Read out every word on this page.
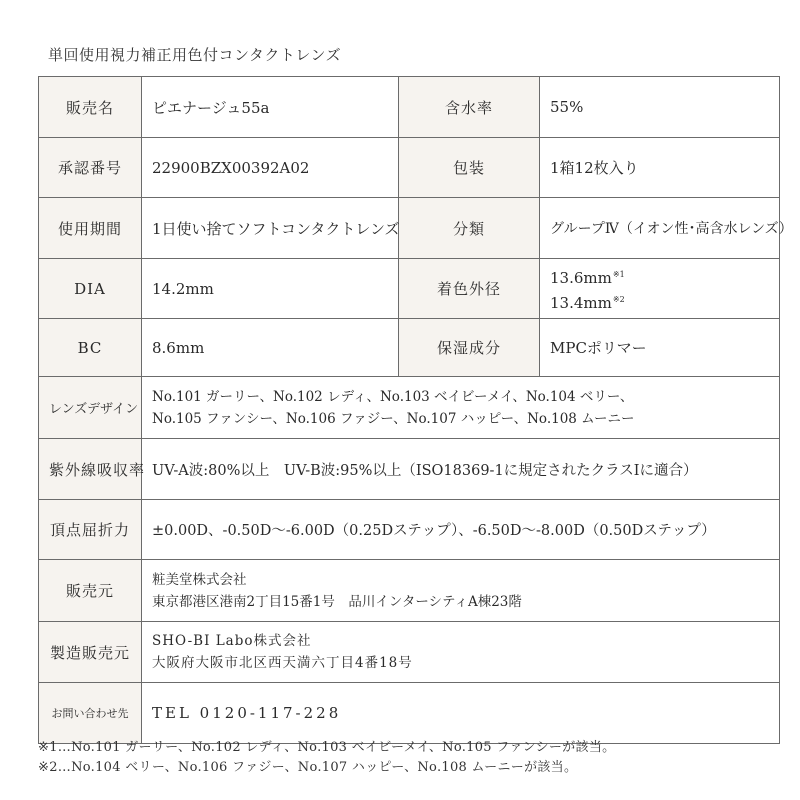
単回使用視力補正用色付コンタクトレンズ
販売名	ピエナージュ55a	含水率	55%
承認番号	22900BZX00392A02	包装	1箱12枚入り
使用期間	1日使い捨てソフトコンタクトレンズ	分類	グループⅣ（イオン性･高含水レンズ）
DIA	14.2mm	着色外径	$13.6mm^{※1}$
$13.4mm^{※2}$

BC	8.6mm	保湿成分	MPCポリマー
レンズデザイン	No.101 ガーリー、No.102 レディ、No.103 ベイビーメイ、No.104 ベリー、
No.105 ファンシー、No.106 ファジー、No.107 ハッピー、No.108 ムーニー		

紫外線吸収率	UV-A波:80%以上　UV-B波:95%以上（ISO18369-1に規定されたクラスⅠに適合）		
頂点屈折力	±0.00D、-0.50D〜-6.00D（0.25Dステップ）、-6.50D〜-8.00D（0.50Dステップ）		
販売元	粧美堂株式会社
東京都港区港南2丁目15番1号　品川インターシティA棟23階		

製造販売元	SHO-BI Labo株式会社
大阪府大阪市北区西天満六丁目4番18号		

お問い合わせ先	TEL 0120-117-228		
※1…No.101 ガーリー、No.102 レディ、No.103 ベイビーメイ、No.105 ファンシーが該当。
※2…No.104 ベリー、No.106 ファジー、No.107 ハッピー、No.108 ムーニーが該当。
